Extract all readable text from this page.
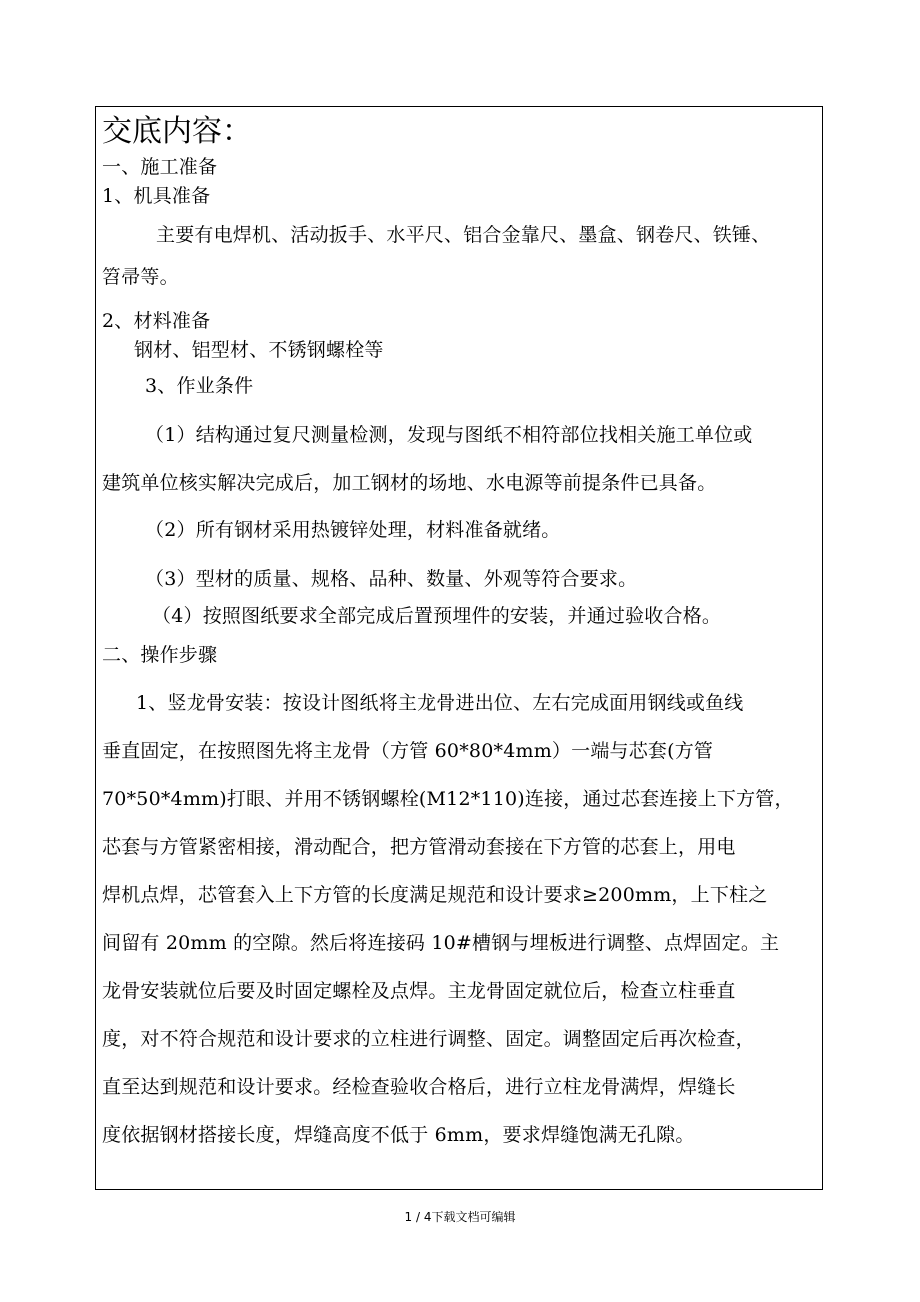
交底内容：
一、施工准备
1、机具准备
主要有电焊机、活动扳手、水平尺、铝合金靠尺、墨盒、钢卷尺、铁锤、
笤帚等。
2、材料准备
钢材、铝型材、不锈钢螺栓等
3、作业条件
（1）结构通过复尺测量检测，发现与图纸不相符部位找相关施工单位或
建筑单位核实解决完成后，加工钢材的场地、水电源等前提条件已具备。
（2）所有钢材采用热镀锌处理，材料准备就绪。
（3）型材的质量、规格、品种、数量、外观等符合要求。
（4）按照图纸要求全部完成后置预埋件的安装，并通过验收合格。
二、操作步骤
1、竖龙骨安装：按设计图纸将主龙骨进出位、左右完成面用钢线或鱼线
垂直固定，在按照图先将主龙骨（方管 60*80*4mm）一端与芯套(方管
70*50*4mm)打眼、并用不锈钢螺栓(M12*110)连接，通过芯套连接上下方管，
芯套与方管紧密相接，滑动配合，把方管滑动套接在下方管的芯套上，用电
焊机点焊，芯管套入上下方管的长度满足规范和设计要求≥200mm，上下柱之
间留有 20mm 的空隙。然后将连接码 10#槽钢与埋板进行调整、点焊固定。主
龙骨安装就位后要及时固定螺栓及点焊。主龙骨固定就位后，检查立柱垂直
度，对不符合规范和设计要求的立柱进行调整、固定。调整固定后再次检查，
直至达到规范和设计要求。经检查验收合格后，进行立柱龙骨满焊，焊缝长
度依据钢材搭接长度，焊缝高度不低于 6mm，要求焊缝饱满无孔隙。
1 / 4下载文档可编辑
